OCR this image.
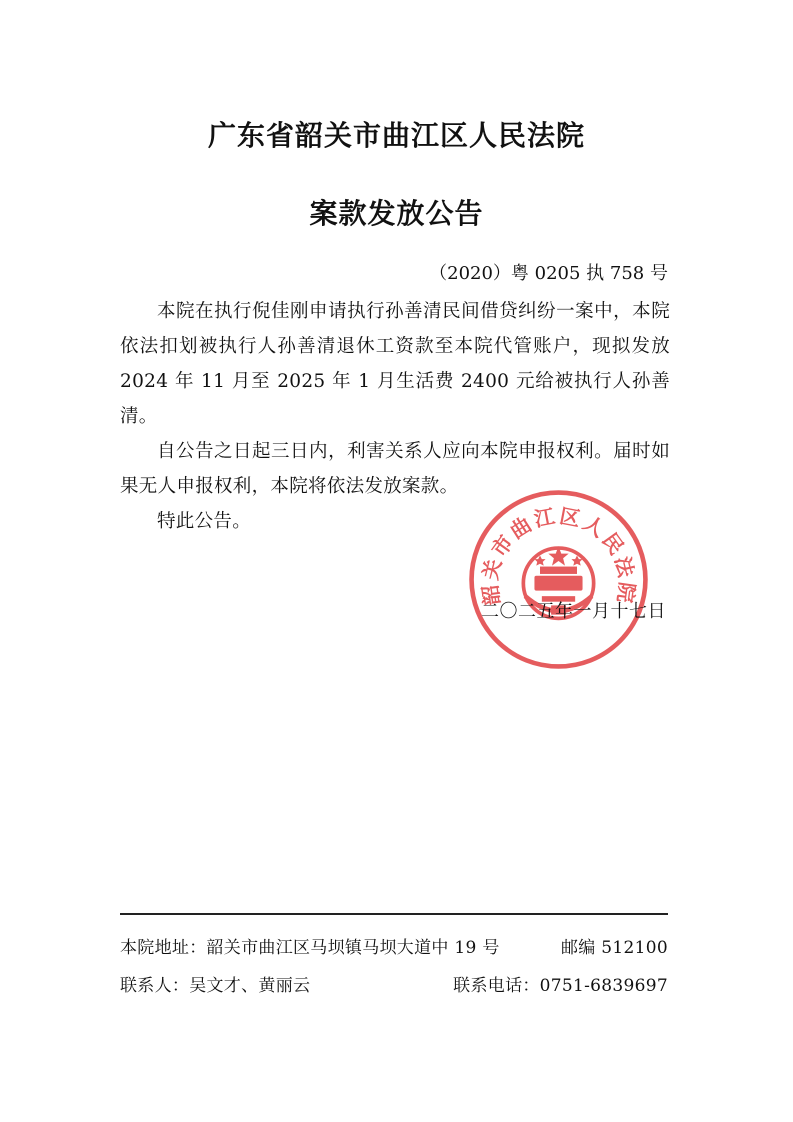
广东省韶关市曲江区人民法院
案款发放公告
（2020）粤 0205 执 758 号

本院在执行倪佳刚申请执行孙善清民间借贷纠纷一案中，本院依法扣划被执行人孙善清退休工资款至本院代管账户，现拟发放 2024 年 11 月至 2025 年 1 月生活费 2400 元给被执行人孙善清。

自公告之日起三日内，利害关系人应向本院申报权利。届时如果无人申报权利，本院将依法发放案款。

特此公告。

韶关市曲江区人民法院
二〇二五年一月十七日
本院地址：韶关市曲江区马坝镇马坝大道中 19 号	邮编 512100
联系人：吴文才、黄丽云	联系电话：0751-6839697
